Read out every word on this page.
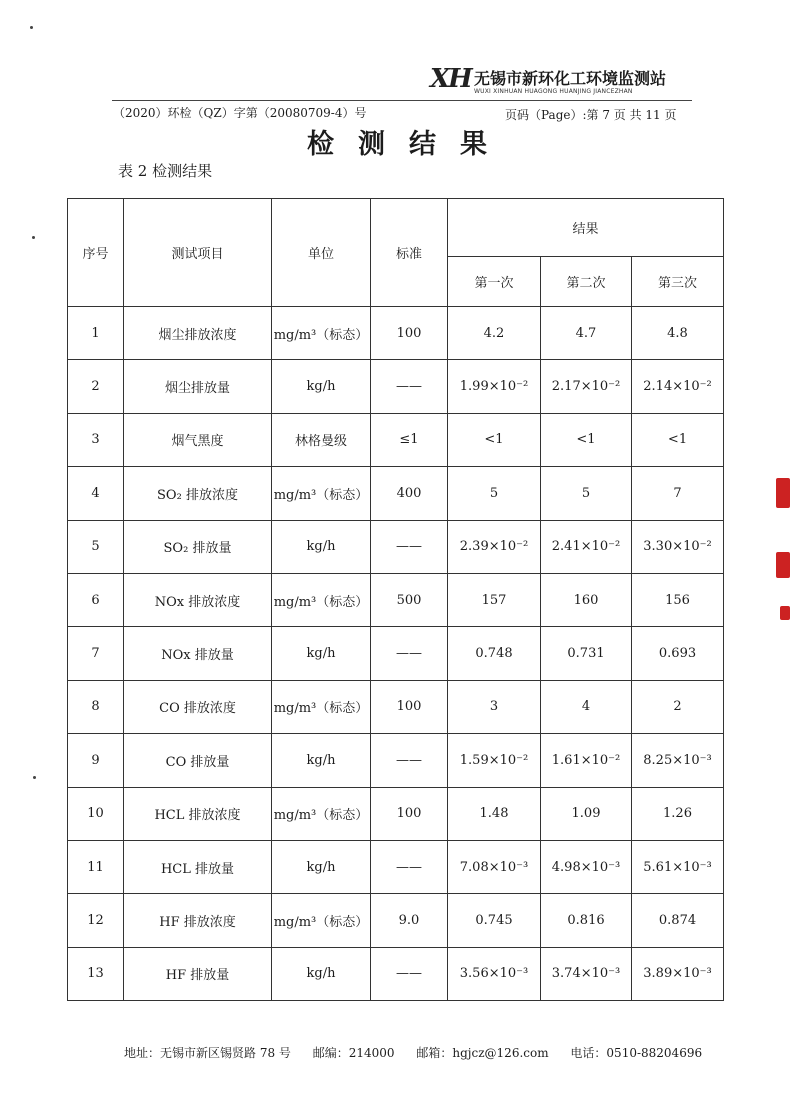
XH 无锡市新环化工环境监测站
WUXI XINHUAN HUAGONG HUANJING JIANCEZHAN
（2020）环检（QZ）字第（20080709-4）号	页码（Page）:第 7 页 共 11 页
检测结果
表 2 检测结果
序号	测试项目	单位	标准	结果		
				第一次	第二次	第三次
1	烟尘排放浓度	mg/m³（标态）	100	4.2	4.7	4.8
2	烟尘排放量	kg/h	——	1.99×10⁻²	2.17×10⁻²	2.14×10⁻²
3	烟气黑度	林格曼级	≤1	<1	<1	<1
4	SO₂ 排放浓度	mg/m³（标态）	400	5	5	7
5	SO₂ 排放量	kg/h	——	2.39×10⁻²	2.41×10⁻²	3.30×10⁻²
6	NOx 排放浓度	mg/m³（标态）	500	157	160	156
7	NOx 排放量	kg/h	——	0.748	0.731	0.693
8	CO 排放浓度	mg/m³（标态）	100	3	4	2
9	CO 排放量	kg/h	——	1.59×10⁻²	1.61×10⁻²	8.25×10⁻³
10	HCL 排放浓度	mg/m³（标态）	100	1.48	1.09	1.26
11	HCL 排放量	kg/h	——	7.08×10⁻³	4.98×10⁻³	5.61×10⁻³
12	HF 排放浓度	mg/m³（标态）	9.0	0.745	0.816	0.874
13	HF 排放量	kg/h	——	3.56×10⁻³	3.74×10⁻³	3.89×10⁻³
地址：无锡市新区锡贤路 78 号 邮编：214000 邮箱：hgjcz@126.com 电话：0510-88204696
